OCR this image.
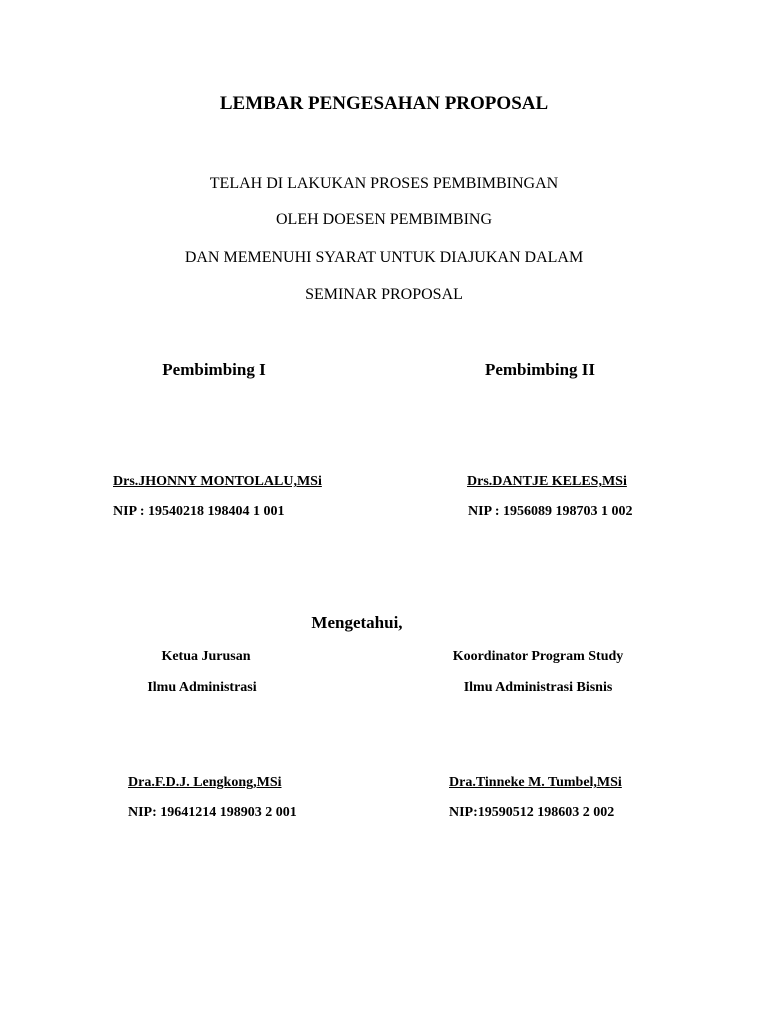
LEMBAR PENGESAHAN PROPOSAL
TELAH DI LAKUKAN PROSES PEMBIMBINGAN
OLEH DOESEN PEMBIMBING
DAN MEMENUHI SYARAT UNTUK DIAJUKAN DALAM
SEMINAR PROPOSAL
Pembimbing I	Pembimbing II
Drs.JHONNY MONTOLALU,MSi
NIP : 19540218 198404 1 001
Drs.DANTJE KELES,MSi
NIP : 1956089 198703 1 002
Mengetahui,
Ketua Jurusan
Ilmu Administrasi
Koordinator Program Study
Ilmu Administrasi Bisnis
Dra.F.D.J. Lengkong,MSi
NIP: 19641214 198903 2 001
Dra.Tinneke M. Tumbel,MSi
NIP:19590512 198603 2 002
